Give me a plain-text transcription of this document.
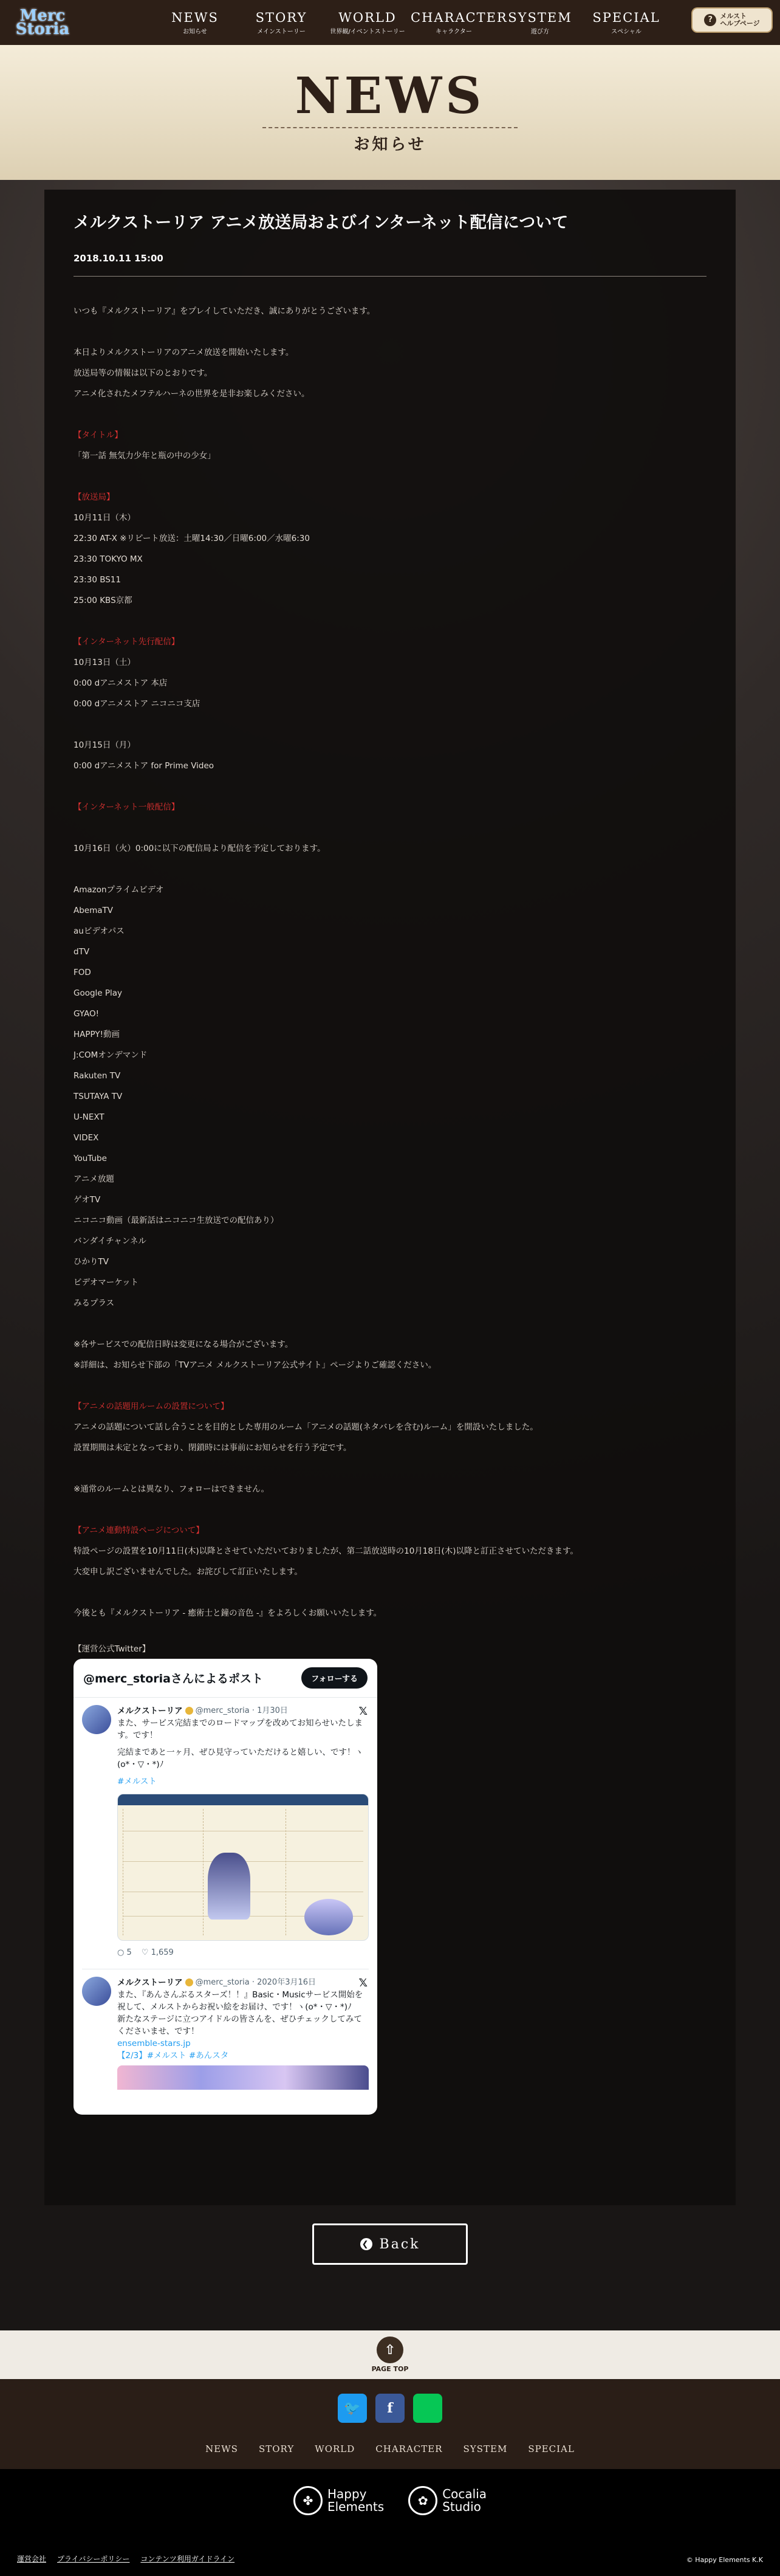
Merc Storia
NEWS
お知らせ
STORY
メインストーリー
WORLD
世界観/イベントストーリー
CHARACTER
キャラクター
SYSTEM
遊び方
SPECIAL
スペシャル
?	メルスト
ヘルプページ
NEWS
お知らせ
メルクストーリア アニメ放送局およびインターネット配信について
2018.10.11 15:00
いつも『メルクストーリア』をプレイしていただき、誠にありがとうございます。
本日よりメルクストーリアのアニメ放送を開始いたします。
放送局等の情報は以下のとおりです。
アニメ化されたメフテルハーネの世界を是非お楽しみください。
【タイトル】
「第一話 無気力少年と瓶の中の少女」
【放送局】
10月11日（木）
22:30 AT-X ※リピート放送：土曜14:30／日曜6:00／水曜6:30
23:30 TOKYO MX
23:30 BS11
25:00 KBS京都
【インターネット先行配信】
10月13日（土）
0:00 dアニメストア 本店
0:00 dアニメストア ニコニコ支店
10月15日（月）
0:00 dアニメストア for Prime Video
【インターネット一般配信】
10月16日（火）0:00に以下の配信局より配信を予定しております。
Amazonプライムビデオ
AbemaTV
auビデオパス
dTV
FOD
Google Play
GYAO!
HAPPY!動画
J:COMオンデマンド
Rakuten TV
TSUTAYA TV
U-NEXT
VIDEX
YouTube
アニメ放題
ゲオTV
ニコニコ動画（最新話はニコニコ生放送での配信あり）
バンダイチャンネル
ひかりTV
ビデオマーケット
みるプラス
※各サービスでの配信日時は変更になる場合がございます。
※詳細は、お知らせ下部の「TVアニメ メルクストーリア公式サイト」ページよりご確認ください。
【アニメの話題用ルームの設置について】
アニメの話題について話し合うことを目的とした専用のルーム「アニメの話題(ネタバレを含む)ルーム」を開設いたしました。
設置期間は未定となっており、閉鎖時には事前にお知らせを行う予定です。
※通常のルームとは異なり、フォローはできません。
【アニメ連動特設ページについて】
特設ページの設置を10月11日(木)以降とさせていただいておりましたが、第二話放送時の10月18日(木)以降と訂正させていただきます。
大変申し訳ございませんでした。お詫びして訂正いたします。
今後とも『メルクストーリア - 癒術士と鐘の音色 -』をよろしくお願いいたします。
【運営公式Twitter】
@merc_storiaさんによるポスト	フォローする
メルクストーリア @merc_storia · 1月30日
また、サービス完結までのロードマップを改めてお知らせいたします。です！
完結まであと一ヶ月、ぜひ見守っていただけると嬉しい、です！ヽ(o*・▽・*)ﾉ
#メルスト
○ 5 ♡ 1,659
𝕏
メルクストーリア @merc_storia · 2020年3月16日
また、『あんさんぶるスターズ！！』Basic・Musicサービス開始を祝して、メルストからお祝い絵をお届け、です！ヽ(o*・▽・*)ﾉ
新たなステージに立つアイドルの皆さんを、ぜひチェックしてみてくださいませ、です！
ensemble-stars.jp
【2/3】#メルスト #あんスタ
𝕏
❮ Back
⇧
PAGE TOP
🐦	f
NEWS STORY WORLD CHARACTER SYSTEM SPECIAL
✤	Happy
Elements	✿	Cocalia
Studio
運営会社 プライバシーポリシー コンテンツ利用ガイドライン	© Happy Elements K.K
